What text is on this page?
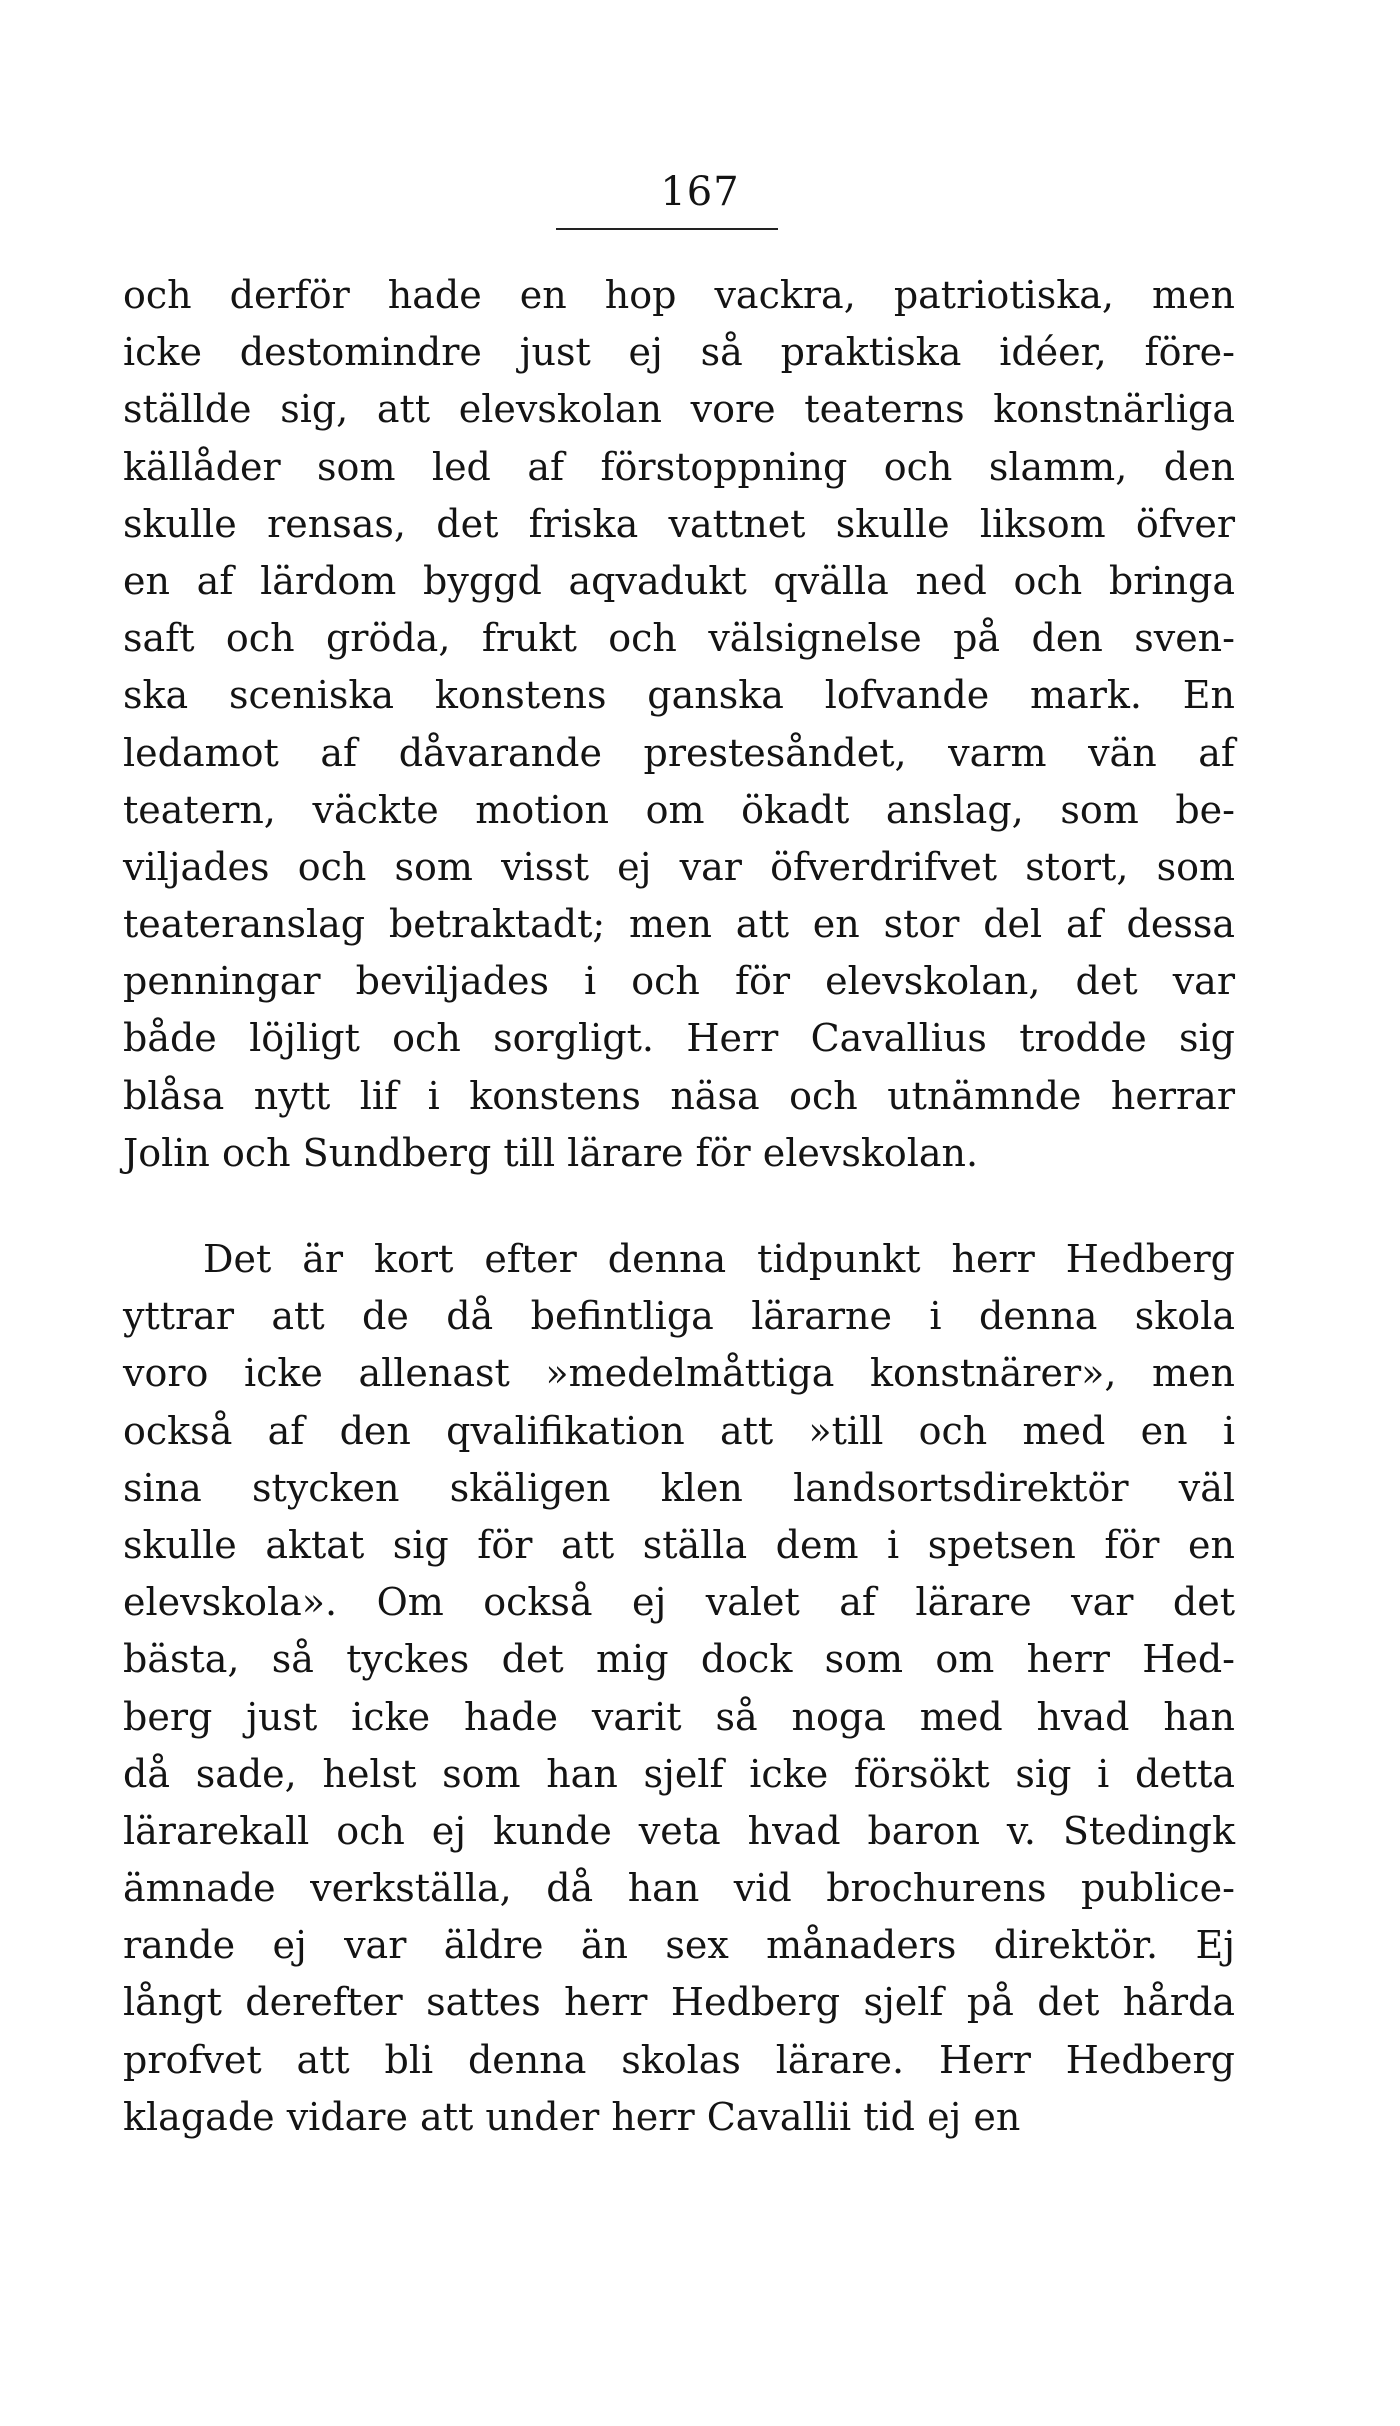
167
och derför hade en hop vackra, patriotiska, men
icke destomindre just ej så praktiska idéer, före-
ställde sig, att elevskolan vore teaterns konstnärliga
källåder som led af förstoppning och slamm, den
skulle rensas, det friska vattnet skulle liksom öfver
en af lärdom byggd aqvadukt qvälla ned och bringa
saft och gröda, frukt och välsignelse på den sven-
ska sceniska konstens ganska lofvande mark. En
ledamot af dåvarande prestesåndet, varm vän af
teatern, väckte motion om ökadt anslag, som be-
viljades och som visst ej var öfverdrifvet stort, som
teateranslag betraktadt; men att en stor del af dessa
penningar beviljades i och för elevskolan, det var
både löjligt och sorgligt. Herr Cavallius trodde sig
blåsa nytt lif i konstens näsa och utnämnde herrar
Jolin och Sundberg till lärare för elevskolan.
Det är kort efter denna tidpunkt herr Hedberg
yttrar att de då befintliga lärarne i denna skola
voro icke allenast »medelmåttiga konstnärer», men
också af den qvalifikation att »till och med en i
sina stycken skäligen klen landsortsdirektör väl
skulle aktat sig för att ställa dem i spetsen för en
elevskola». Om också ej valet af lärare var det
bästa, så tyckes det mig dock som om herr Hed-
berg just icke hade varit så noga med hvad han
då sade, helst som han sjelf icke försökt sig i detta
lärarekall och ej kunde veta hvad baron v. Stedingk
ämnade verkställa, då han vid brochurens publice-
rande ej var äldre än sex månaders direktör. Ej
långt derefter sattes herr Hedberg sjelf på det hårda
profvet att bli denna skolas lärare. Herr Hedberg
klagade vidare att under herr Cavallii tid ej en
